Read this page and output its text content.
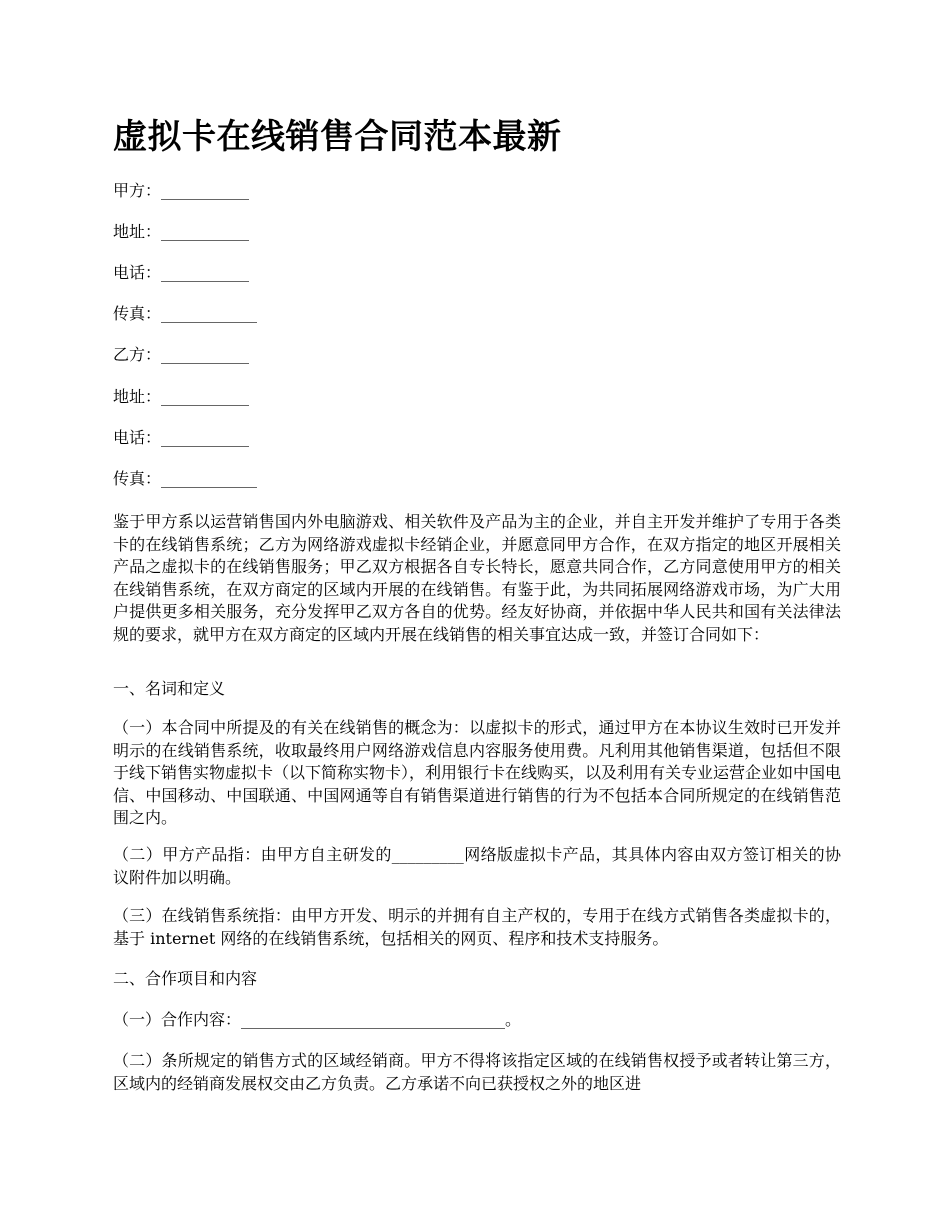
虚拟卡在线销售合同范本最新
甲方：___________
地址：___________
电话：___________
传真：____________
乙方：___________
地址：___________
电话：___________
传真：____________

鉴于甲方系以运营销售国内外电脑游戏、相关软件及产品为主的企业，并自主开发并维护了专用于各类卡的在线销售系统；乙方为网络游戏虚拟卡经销企业，并愿意同甲方合作，在双方指定的地区开展相关产品之虚拟卡的在线销售服务；甲乙双方根据各自专长特长，愿意共同合作，乙方同意使用甲方的相关在线销售系统，在双方商定的区域内开展的在线销售。有鉴于此，为共同拓展网络游戏市场，为广大用户提供更多相关服务，充分发挥甲乙双方各自的优势。经友好协商，并依据中华人民共和国有关法律法规的要求，就甲方在双方商定的区域内开展在线销售的相关事宜达成一致，并签订合同如下：

一、名词和定义

（一）本合同中所提及的有关在线销售的概念为：以虚拟卡的形式，通过甲方在本协议生效时已开发并明示的在线销售系统，收取最终用户网络游戏信息内容服务使用费。凡利用其他销售渠道，包括但不限于线下销售实物虚拟卡（以下简称实物卡），利用银行卡在线购买，以及利用有关专业运营企业如中国电信、中国移动、中国联通、中国网通等自有销售渠道进行销售的行为不包括本合同所规定的在线销售范围之内。

（二）甲方产品指：由甲方自主研发的_________网络版虚拟卡产品，其具体内容由双方签订相关的协议附件加以明确。

（三）在线销售系统指：由甲方开发、明示的并拥有自主产权的，专用于在线方式销售各类虚拟卡的，基于 internet 网络的在线销售系统，包括相关的网页、程序和技术支持服务。

二、合作项目和内容

（一）合作内容：_________________________________。

（二）条所规定的销售方式的区域经销商。甲方不得将该指定区域的在线销售权授予或者转让第三方，区域内的经销商发展权交由乙方负责。乙方承诺不向已获授权之外的地区进
